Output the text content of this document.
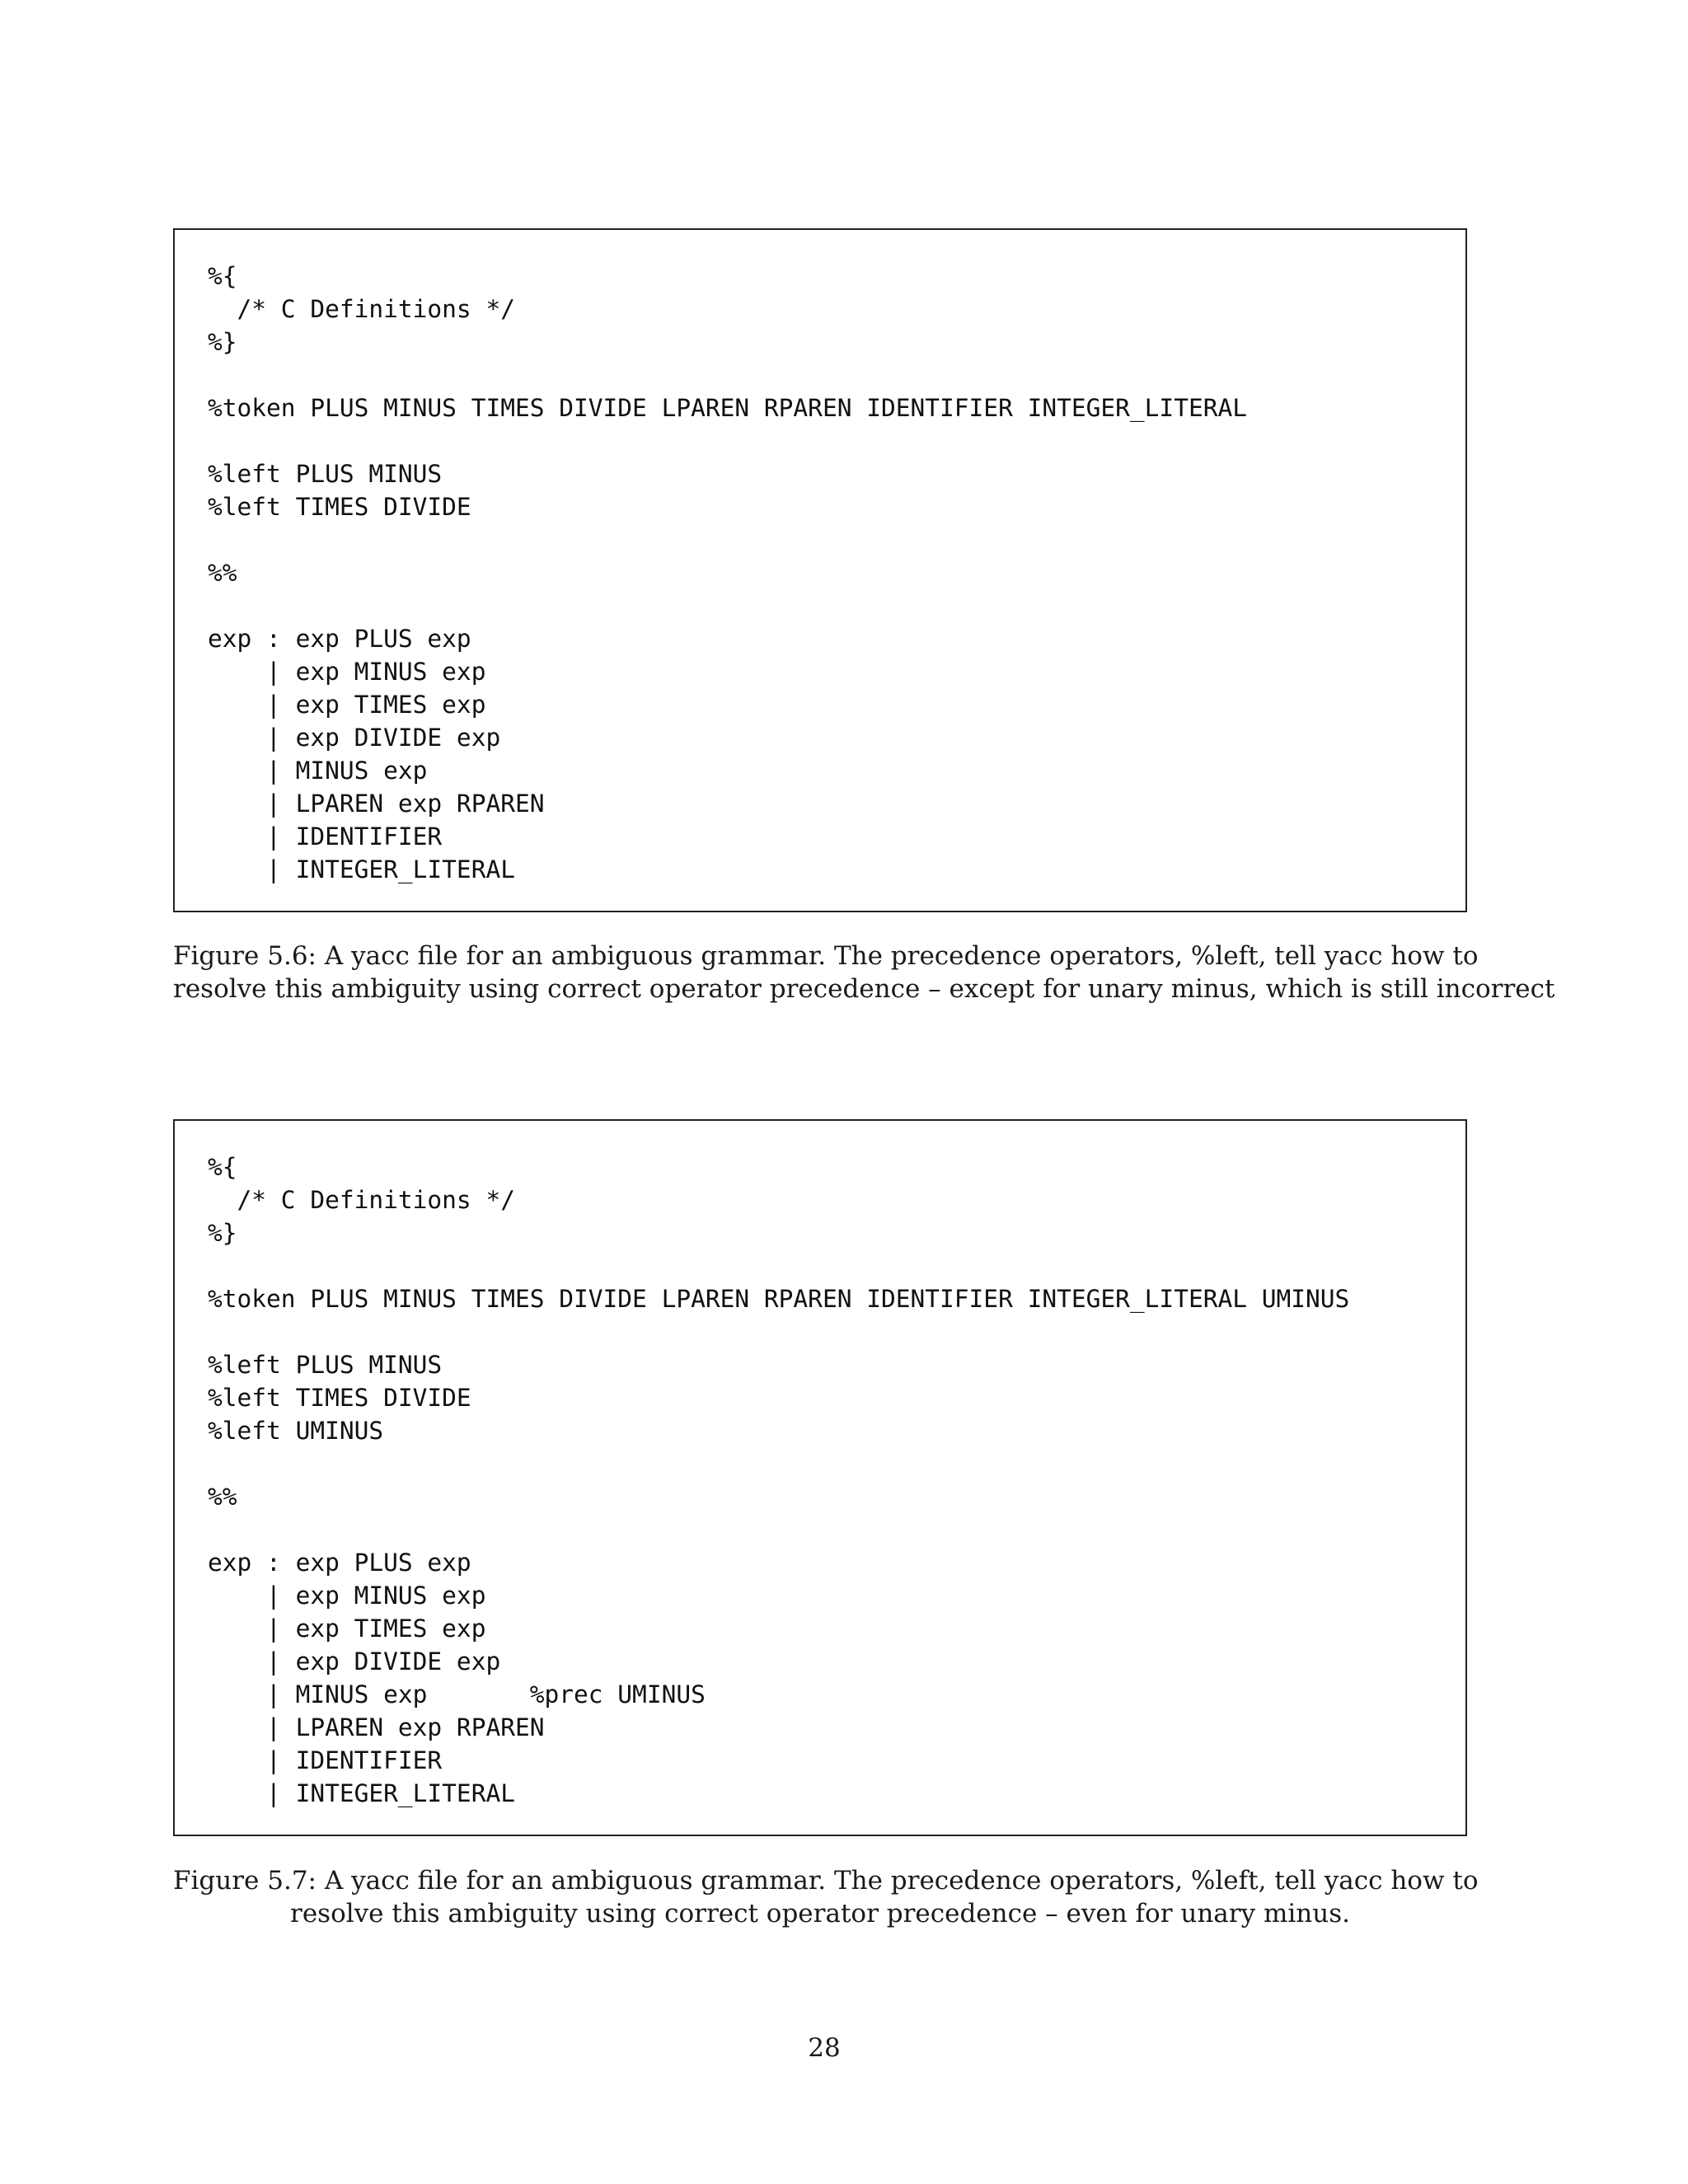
%{
/* C Definitions */
%}
%token PLUS MINUS TIMES DIVIDE LPAREN RPAREN IDENTIFIER INTEGER_LITERAL
%left PLUS MINUS
%left TIMES DIVIDE
%%
exp : exp PLUS exp
| exp MINUS exp
| exp TIMES exp
| exp DIVIDE exp
| MINUS exp
| LPAREN exp RPAREN
| IDENTIFIER
| INTEGER_LITERAL
Figure 5.6: A yacc file for an ambiguous grammar. The precedence operators, %left, tell yacc how to
resolve this ambiguity using correct operator precedence – except for unary minus, which is still incorrect
%{
/* C Definitions */
%}
%token PLUS MINUS TIMES DIVIDE LPAREN RPAREN IDENTIFIER INTEGER_LITERAL UMINUS
%left PLUS MINUS
%left TIMES DIVIDE
%left UMINUS
%%
exp : exp PLUS exp
| exp MINUS exp
| exp TIMES exp
| exp DIVIDE exp
| MINUS exp       %prec UMINUS
| LPAREN exp RPAREN
| IDENTIFIER
| INTEGER_LITERAL
Figure 5.7: A yacc file for an ambiguous grammar. The precedence operators, %left, tell yacc how to
resolve this ambiguity using correct operator precedence – even for unary minus.
28
